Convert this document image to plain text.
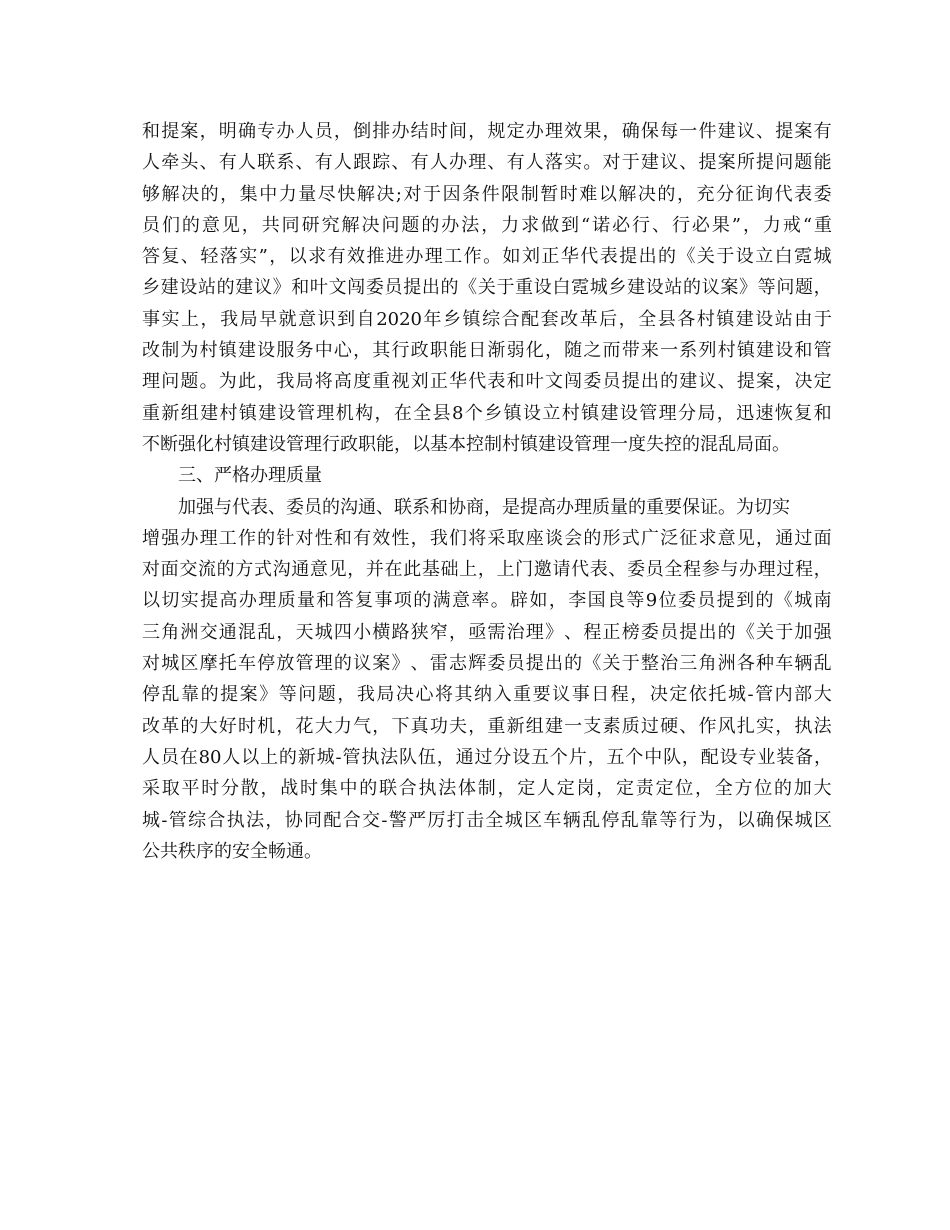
和 提 案 ， 明 确 专 办 人 员 ， 倒 排 办 结 时 间 ， 规 定 办 理 效 果 ， 确 保 每 一 件 建 议 、 提 案 有
人 牵 头 、 有 人 联 系 、 有 人 跟 踪 、 有 人 办 理 、 有 人 落 实 。 对 于 建 议 、 提 案 所 提 问 题 能
够 解 决 的 ， 集 中 力 量 尽 快 解 决 ; 对 于 因 条 件 限 制 暂 时 难 以 解 决 的 ， 充 分 征 询 代 表 委
员 们 的 意 见 ， 共 同 研 究 解 决 问 题 的 办 法 ， 力 求 做 到 “ 诺 必 行 、 行 必 果 ” ， 力 戒 “ 重
答 复 、 轻 落 实 ” ， 以 求 有 效 推 进 办 理 工 作 。 如 刘 正 华 代 表 提 出 的 《 关 于 设 立 白 霓 城
乡 建 设 站 的 建 议 》 和 叶 文 闯 委 员 提 出 的 《 关 于 重 设 白 霓 城 乡 建 设 站 的 议 案 》 等 问 题 ，
事 实 上 ， 我 局 早 就 意 识 到 自 2020 年 乡 镇 综 合 配 套 改 革 后 ， 全 县 各 村 镇 建 设 站 由 于
改 制 为 村 镇 建 设 服 务 中 心 ， 其 行 政 职 能 日 渐 弱 化 ， 随 之 而 带 来 一 系 列 村 镇 建 设 和 管
理 问 题 。 为 此 ， 我 局 将 高 度 重 视 刘 正 华 代 表 和 叶 文 闯 委 员 提 出 的 建 议 、 提 案 ， 决 定
重 新 组 建 村 镇 建 设 管 理 机 构 ， 在 全 县 8 个 乡 镇 设 立 村 镇 建 设 管 理 分 局 ， 迅 速 恢 复 和
不断强化村镇建设管理行政职能，以基本控制村镇建设管理一度失控的混乱局面。
三、严格办理质量
加强与代表、委员的沟通、联系和协商，是提高办理质量的重要保证。为切实
增 强 办 理 工 作 的 针 对 性 和 有 效 性 ， 我 们 将 采 取 座 谈 会 的 形 式 广 泛 征 求 意 见 ， 通 过 面
对 面 交 流 的 方 式 沟 通 意 见 ， 并 在 此 基 础 上 ， 上 门 邀 请 代 表 、 委 员 全 程 参 与 办 理 过 程 ，
以 切 实 提 高 办 理 质 量 和 答 复 事 项 的 满 意 率 。 辟 如 ， 李 国 良 等 9 位 委 员 提 到 的 《 城 南
三 角 洲 交 通 混 乱 ， 天 城 四 小 横 路 狭 窄 ， 亟 需 治 理 》 、 程 正 榜 委 员 提 出 的 《 关 于 加 强
对 城 区 摩 托 车 停 放 管 理 的 议 案 》 、 雷 志 辉 委 员 提 出 的 《 关 于 整 治 三 角 洲 各 种 车 辆 乱
停 乱 靠 的 提 案 》 等 问 题 ， 我 局 决 心 将 其 纳 入 重 要 议 事 日 程 ， 决 定 依 托 城 - 管 内 部 大
改 革 的 大 好 时 机 ， 花 大 力 气 ， 下 真 功 夫 ， 重 新 组 建 一 支 素 质 过 硬 、 作 风 扎 实 ， 执 法
人 员 在 80 人 以 上 的 新 城 - 管 执 法 队 伍 ， 通 过 分 设 五 个 片 ， 五 个 中 队 ， 配 设 专 业 装 备 ，
采 取 平 时 分 散 ， 战 时 集 中 的 联 合 执 法 体 制 ， 定 人 定 岗 ， 定 责 定 位 ， 全 方 位 的 加 大
城 - 管 综 合 执 法 ， 协 同 配 合 交 - 警 严 厉 打 击 全 城 区 车 辆 乱 停 乱 靠 等 行 为 ， 以 确 保 城 区
公共秩序的安全畅通。
